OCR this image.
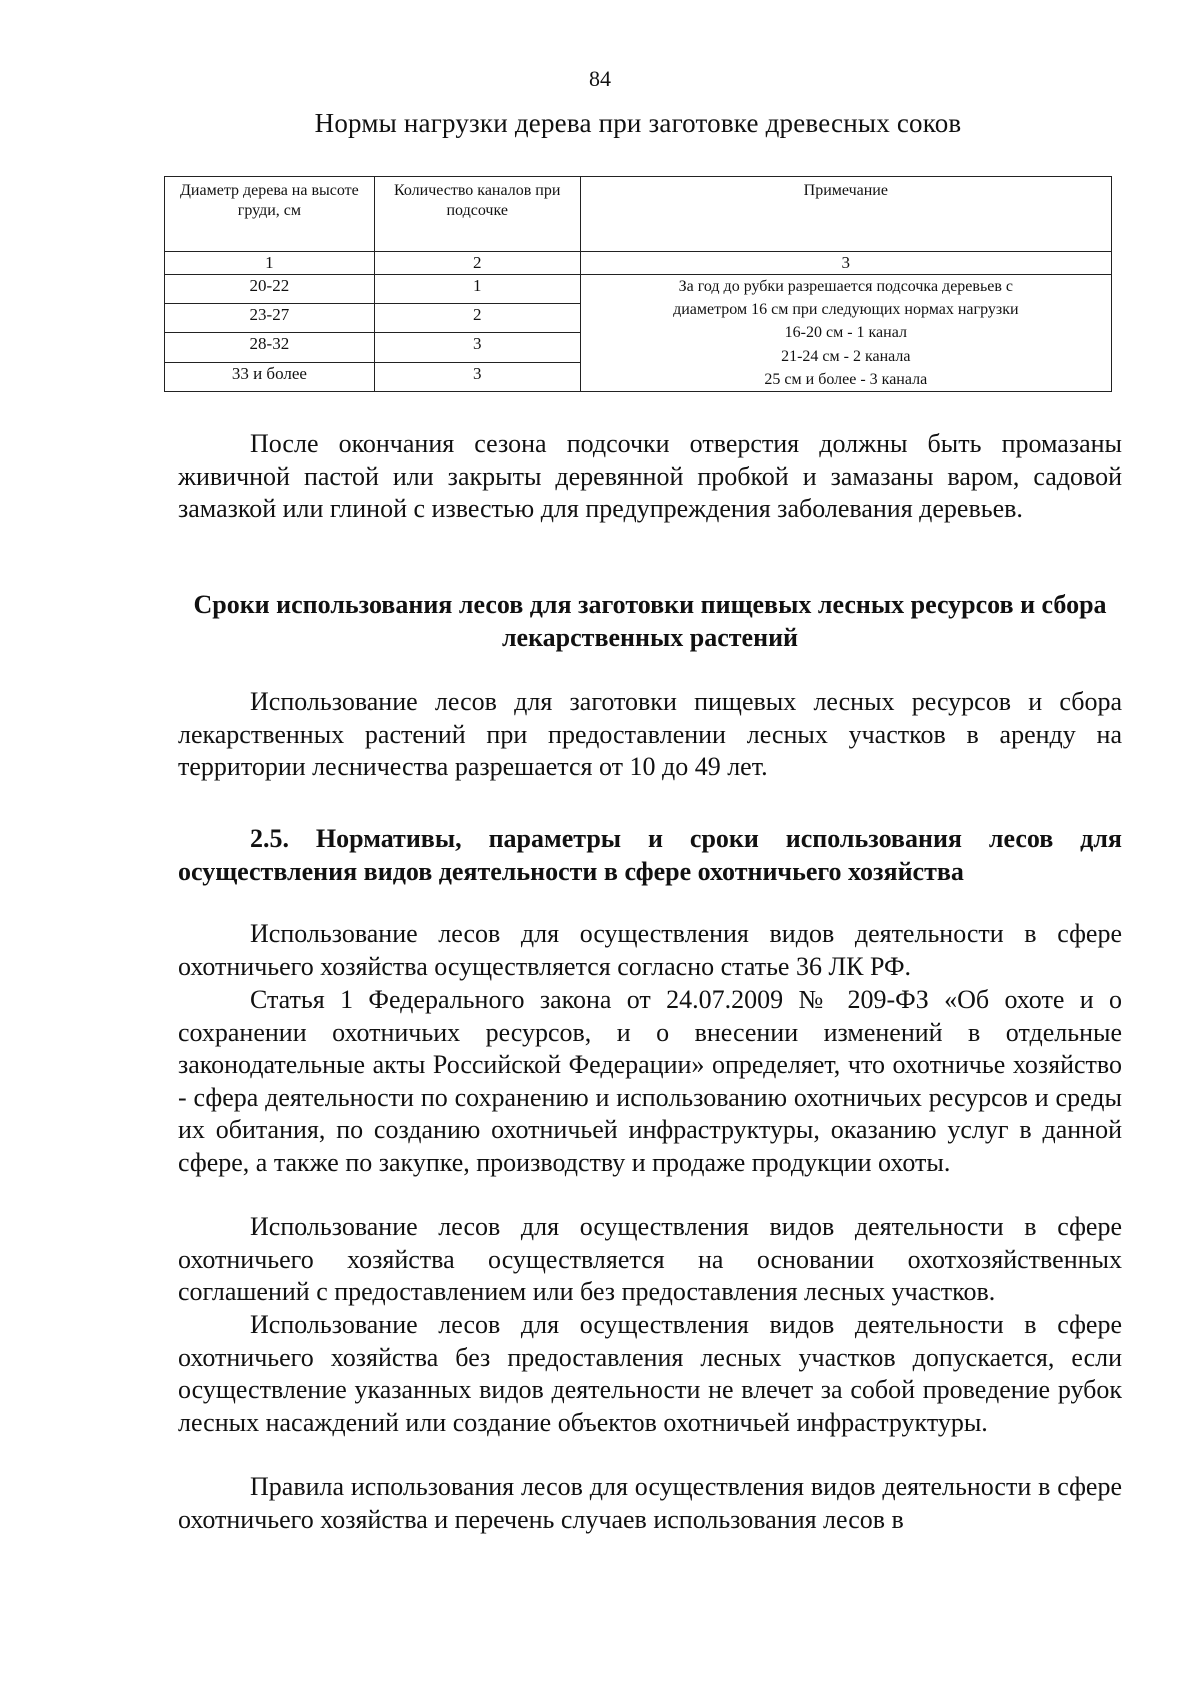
84
Нормы нагрузки дерева при заготовке древесных соков
Диаметр дерева на высоте груди, см	Количество каналов при подсочке	Примечание
1	2	3
20-22	1	За год до рубки разрешается подсочка деревьев с
диаметром 16 см при следующих нормах нагрузки
16-20 см - 1 канал
21-24 см - 2 канала
25 см и более - 3 канала

23-27	2	
28-32	3	
33 и более	3	

После окончания сезона подсочки отверстия должны быть промазаны живичной пастой или закрыты деревянной пробкой и замазаны варом, садовой замазкой или глиной с известью для предупреждения заболевания деревьев.

Сроки использования лесов для заготовки пищевых лесных ресурсов и сбора лекарственных растений

Использование лесов для заготовки пищевых лесных ресурсов и сбора лекарственных растений при предоставлении лесных участков в аренду на территории лесничества разрешается от 10 до 49 лет.

2.5. Нормативы, параметры и сроки использования лесов для осуществления видов деятельности в сфере охотничьего хозяйства

Использование лесов для осуществления видов деятельности в сфере охотничьего хозяйства осуществляется согласно статье 36 ЛК РФ.

Статья 1 Федерального закона от 24.07.2009 № 209-ФЗ «Об охоте и о сохранении охотничьих ресурсов, и о внесении изменений в отдельные законодательные акты Российской Федерации» определяет, что охотничье хозяйство - сфера деятельности по сохранению и использованию охотничьих ресурсов и среды их обитания, по созданию охотничьей инфраструктуры, оказанию услуг в данной сфере, а также по закупке, производству и продаже продукции охоты.

Использование лесов для осуществления видов деятельности в сфере охотничьего хозяйства осуществляется на основании охотхозяйственных соглашений с предоставлением или без предоставления лесных участков.

Использование лесов для осуществления видов деятельности в сфере охотничьего хозяйства без предоставления лесных участков допускается, если осуществление указанных видов деятельности не влечет за собой проведение рубок лесных насаждений или создание объектов охотничьей инфраструктуры.

Правила использования лесов для осуществления видов деятельности в сфере охотничьего хозяйства и перечень случаев использования лесов в
